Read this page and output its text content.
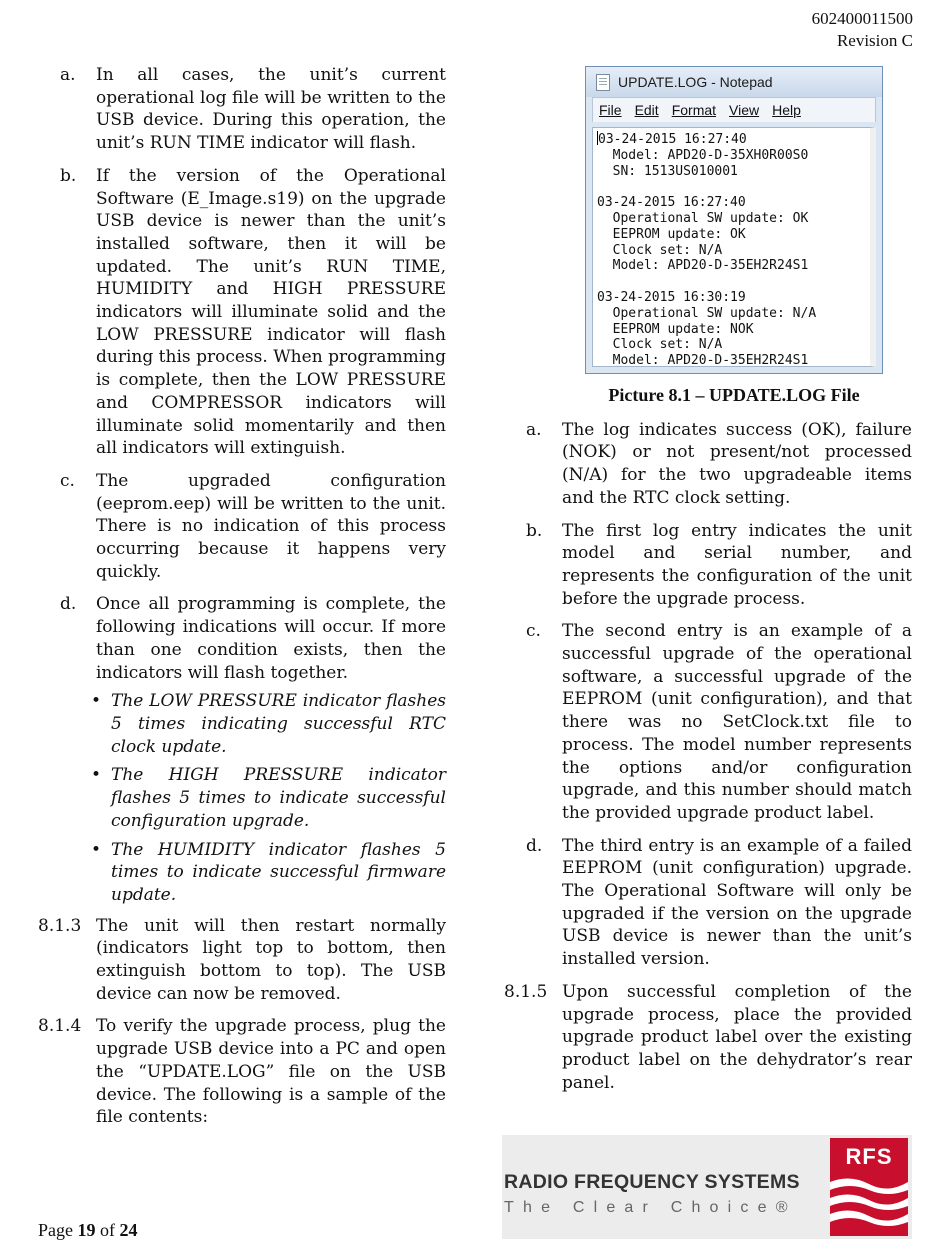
602400011500
Revision C
a. In all cases, the unit’s current operational log file will be written to the USB device. During this operation, the unit’s RUN TIME indicator will flash.
b. If the version of the Operational Software (E_Image.s19) on the upgrade USB device is newer than the unit’s installed software, then it will be updated. The unit’s RUN TIME, HUMIDITY and HIGH PRESSURE indicators will illuminate solid and the LOW PRESSURE indicator will flash during this process. When programming is complete, then the LOW PRESSURE and COMPRESSOR indicators will illuminate solid momentarily and then all indicators will extinguish.
c. The upgraded configuration (eeprom.eep) will be written to the unit. There is no indication of this process occurring because it happens very quickly.
d. Once all programming is complete, the following indications will occur. If more than one condition exists, then the indicators will flash together.
• The LOW PRESSURE indicator flashes 5 times indicating successful RTC clock update.
• The HIGH PRESSURE indicator flashes 5 times to indicate successful configuration upgrade.
• The HUMIDITY indicator flashes 5 times to indicate successful firmware update.
8.1.3 The unit will then restart normally (indicators light top to bottom, then extinguish bottom to top). The USB device can now be removed.
8.1.4 To verify the upgrade process, plug the upgrade USB device into a PC and open the “UPDATE.LOG” file on the USB device. The following is a sample of the file contents:
UPDATE.LOG - Notepad
File Edit Format View Help
03-24-2015 16:27:40
Model: APD20-D-35XH0R00S0
SN: 1513US010001

03-24-2015 16:27:40
Operational SW update: OK
EEPROM update: OK
Clock set: N/A
Model: APD20-D-35EH2R24S1

03-24-2015 16:30:19
Operational SW update: N/A
EEPROM update: NOK
Clock set: N/A
Model: APD20-D-35EH2R24S1
Picture 8.1 – UPDATE.LOG File
a. The log indicates success (OK), failure (NOK) or not present/not processed (N/A) for the two upgradeable items and the RTC clock setting.
b. The first log entry indicates the unit model and serial number, and represents the configuration of the unit before the upgrade process.
c. The second entry is an example of a successful upgrade of the operational software, a successful upgrade of the EEPROM (unit configuration), and that there was no SetClock.txt file to process. The model number represents the options and/or configuration upgrade, and this number should match the provided upgrade product label.
d. The third entry is an example of a failed EEPROM (unit configuration) upgrade. The Operational Software will only be upgraded if the version on the upgrade USB device is newer than the unit’s installed version.
8.1.5 Upon successful completion of the upgrade process, place the provided upgrade product label over the existing product label on the dehydrator’s rear panel.
Page 19 of 24
RADIO FREQUENCY SYSTEMS
The Clear Choice®
RFS
